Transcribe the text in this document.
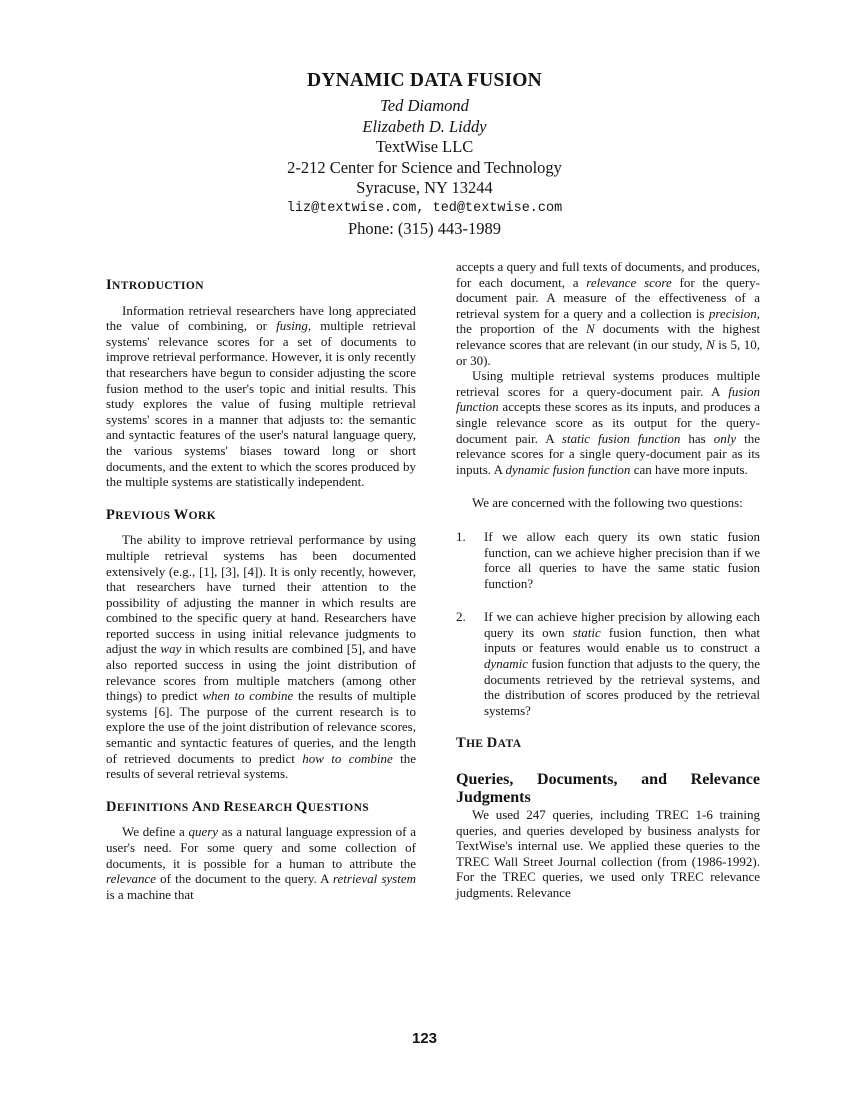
DYNAMIC DATA FUSION
Ted Diamond
Elizabeth D. Liddy
TextWise LLC
2-212 Center for Science and Technology
Syracuse, NY 13244
liz@textwise.com, ted@textwise.com
Phone: (315) 443-1989
INTRODUCTION

Information retrieval researchers have long appreciated the value of combining, or fusing, multiple retrieval systems' relevance scores for a set of documents to improve retrieval performance. However, it is only recently that researchers have begun to consider adjusting the score fusion method to the user's topic and initial results. This study explores the value of fusing multiple retrieval systems' scores in a manner that adjusts to: the semantic and syntactic features of the user's natural language query, the various systems' biases toward long or short documents, and the extent to which the scores produced by the multiple systems are statistically independent.

PREVIOUS WORK

The ability to improve retrieval performance by using multiple retrieval systems has been documented extensively (e.g., [1], [3], [4]). It is only recently, however, that researchers have turned their attention to the possibility of adjusting the manner in which results are combined to the specific query at hand. Researchers have reported success in using initial relevance judgments to adjust the way in which results are combined [5], and have also reported success in using the joint distribution of relevance scores from multiple matchers (among other things) to predict when to combine the results of multiple systems [6]. The purpose of the current research is to explore the use of the joint distribution of relevance scores, semantic and syntactic features of queries, and the length of retrieved documents to predict how to combine the results of several retrieval systems.

DEFINITIONS AND RESEARCH QUESTIONS

We define a query as a natural language expression of a user's need. For some query and some collection of documents, it is possible for a human to attribute the relevance of the document to the query. A retrieval system is a machine that

accepts a query and full texts of documents, and produces, for each document, a relevance score for the query-document pair. A measure of the effectiveness of a retrieval system for a query and a collection is precision, the proportion of the N documents with the highest relevance scores that are relevant (in our study, N is 5, 10, or 30).

Using multiple retrieval systems produces multiple retrieval scores for a query-document pair. A fusion function accepts these scores as its inputs, and produces a single relevance score as its output for the query-document pair. A static fusion function has only the relevance scores for a single query-document pair as its inputs. A dynamic fusion function can have more inputs.

We are concerned with the following two questions:

1. If we allow each query its own static fusion function, can we achieve higher precision than if we force all queries to have the same static fusion function?
2. If we can achieve higher precision by allowing each query its own static fusion function, then what inputs or features would enable us to construct a dynamic fusion function that adjusts to the query, the documents retrieved by the retrieval systems, and the distribution of scores produced by the retrieval systems?
THE DATA
Queries, Documents, and Relevance
Judgments

We used 247 queries, including TREC 1-6 training queries, and queries developed by business analysts for TextWise's internal use. We applied these queries to the TREC Wall Street Journal collection (from (1986-1992). For the TREC queries, we used only TREC relevance judgments. Relevance

123
